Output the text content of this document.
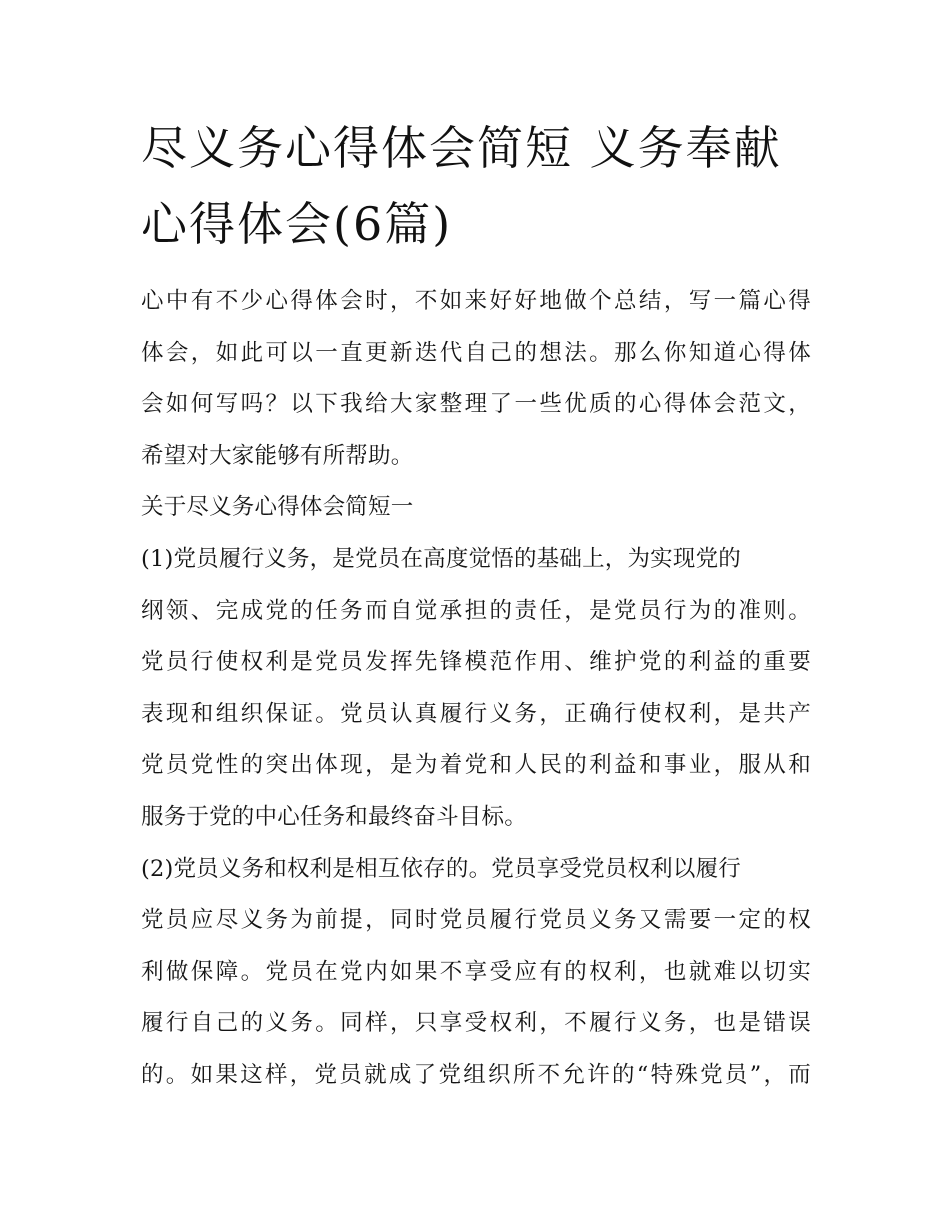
尽义务心得体会简短 义务奉献
心得体会(6篇)
心中有不少心得体会时，不如来好好地做个总结，写一篇心得
体会，如此可以一直更新迭代自己的想法。那么你知道心得体
会如何写吗？以下我给大家整理了一些优质的心得体会范文，
希望对大家能够有所帮助。
关于尽义务心得体会简短一
(1)党员履行义务，是党员在高度觉悟的基础上，为实现党的
纲领、完成党的任务而自觉承担的责任，是党员行为的准则。
党员行使权利是党员发挥先锋模范作用、维护党的利益的重要
表现和组织保证。党员认真履行义务，正确行使权利，是共产
党员党性的突出体现，是为着党和人民的利益和事业，服从和
服务于党的中心任务和最终奋斗目标。
(2)党员义务和权利是相互依存的。党员享受党员权利以履行
党员应尽义务为前提，同时党员履行党员义务又需要一定的权
利做保障。党员在党内如果不享受应有的权利，也就难以切实
履行自己的义务。同样，只享受权利，不履行义务，也是错误
的。如果这样，党员就成了党组织所不允许的“特殊党员”，而
